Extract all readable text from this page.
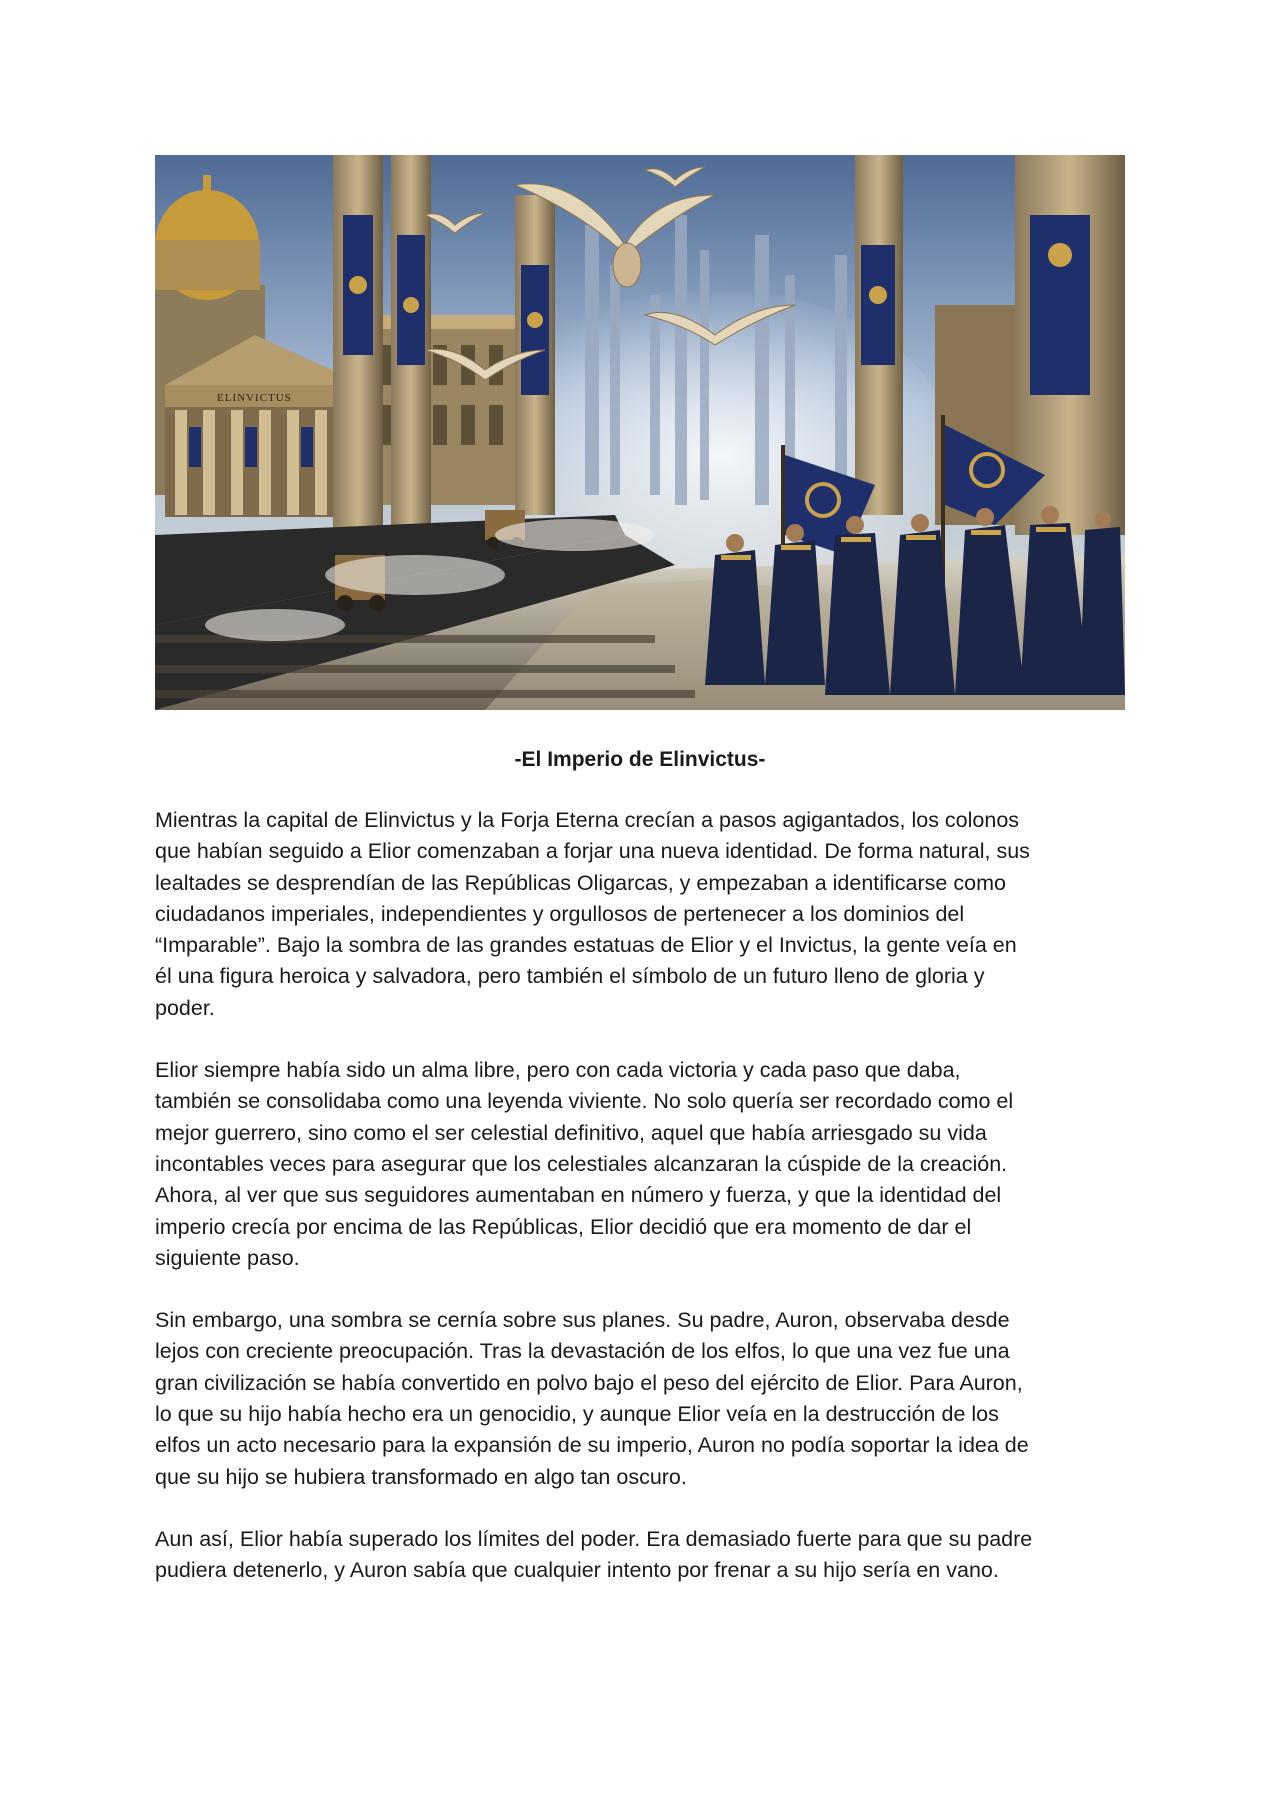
ELINVICTUS
-El Imperio de Elinvictus-

Mientras la capital de Elinvictus y la Forja Eterna crecían a pasos agigantados, los colonos
que habían seguido a Elior comenzaban a forjar una nueva identidad. De forma natural, sus
lealtades se desprendían de las Repúblicas Oligarcas, y empezaban a identificarse como
ciudadanos imperiales, independientes y orgullosos de pertenecer a los dominios del
“Imparable”. Bajo la sombra de las grandes estatuas de Elior y el Invictus, la gente veía en
él una figura heroica y salvadora, pero también el símbolo de un futuro lleno de gloria y
poder.

Elior siempre había sido un alma libre, pero con cada victoria y cada paso que daba,
también se consolidaba como una leyenda viviente. No solo quería ser recordado como el
mejor guerrero, sino como el ser celestial definitivo, aquel que había arriesgado su vida
incontables veces para asegurar que los celestiales alcanzaran la cúspide de la creación.
Ahora, al ver que sus seguidores aumentaban en número y fuerza, y que la identidad del
imperio crecía por encima de las Repúblicas, Elior decidió que era momento de dar el
siguiente paso.

Sin embargo, una sombra se cernía sobre sus planes. Su padre, Auron, observaba desde
lejos con creciente preocupación. Tras la devastación de los elfos, lo que una vez fue una
gran civilización se había convertido en polvo bajo el peso del ejército de Elior. Para Auron,
lo que su hijo había hecho era un genocidio, y aunque Elior veía en la destrucción de los
elfos un acto necesario para la expansión de su imperio, Auron no podía soportar la idea de
que su hijo se hubiera transformado en algo tan oscuro.

Aun así, Elior había superado los límites del poder. Era demasiado fuerte para que su padre
pudiera detenerlo, y Auron sabía que cualquier intento por frenar a su hijo sería en vano.
